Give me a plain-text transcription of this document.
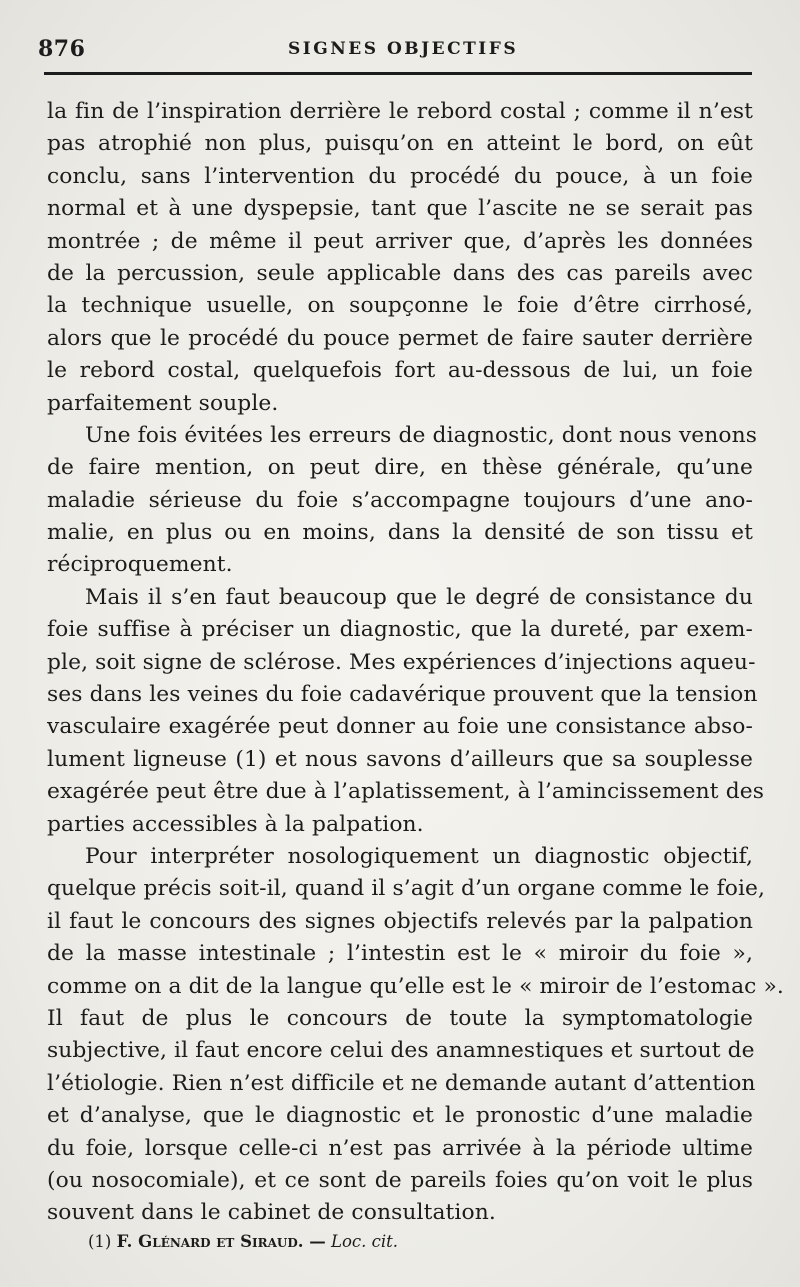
876	SIGNES OBJECTIFS
la fin de l’inspiration derrière le rebord costal ; comme il n’est
pas atrophié non plus, puisqu’on en atteint le bord, on eût
conclu, sans l’intervention du procédé du pouce, à un foie
normal et à une dyspepsie, tant que l’ascite ne se serait pas
montrée ; de même il peut arriver que, d’après les données
de la percussion, seule applicable dans des cas pareils avec
la technique usuelle, on soupçonne le foie d’être cirrhosé,
alors que le procédé du pouce permet de faire sauter derrière
le rebord costal, quelquefois fort au-dessous de lui, un foie
parfaitement souple.
Une fois évitées les erreurs de diagnostic, dont nous venons
de faire mention, on peut dire, en thèse générale, qu’une
maladie sérieuse du foie s’accompagne toujours d’une ano-
malie, en plus ou en moins, dans la densité de son tissu et
réciproquement.
Mais il s’en faut beaucoup que le degré de consistance du
foie suffise à préciser un diagnostic, que la dureté, par exem-
ple, soit signe de sclérose. Mes expériences d’injections aqueu-
ses dans les veines du foie cadavérique prouvent que la tension
vasculaire exagérée peut donner au foie une consistance abso-
lument ligneuse (1) et nous savons d’ailleurs que sa souplesse
exagérée peut être due à l’aplatissement, à l’amincissement des
parties accessibles à la palpation.
Pour interpréter nosologiquement un diagnostic objectif,
quelque précis soit-il, quand il s’agit d’un organe comme le foie,
il faut le concours des signes objectifs relevés par la palpation
de la masse intestinale ; l’intestin est le « miroir du foie »,
comme on a dit de la langue qu’elle est le « miroir de l’estomac ».
Il faut de plus le concours de toute la symptomatologie
subjective, il faut encore celui des anamnestiques et surtout de
l’étiologie. Rien n’est difficile et ne demande autant d’attention
et d’analyse, que le diagnostic et le pronostic d’une maladie
du foie, lorsque celle-ci n’est pas arrivée à la période ultime
(ou nosocomiale), et ce sont de pareils foies qu’on voit le plus
souvent dans le cabinet de consultation.
(1) F. Glénard et Siraud. — Loc. cit.
